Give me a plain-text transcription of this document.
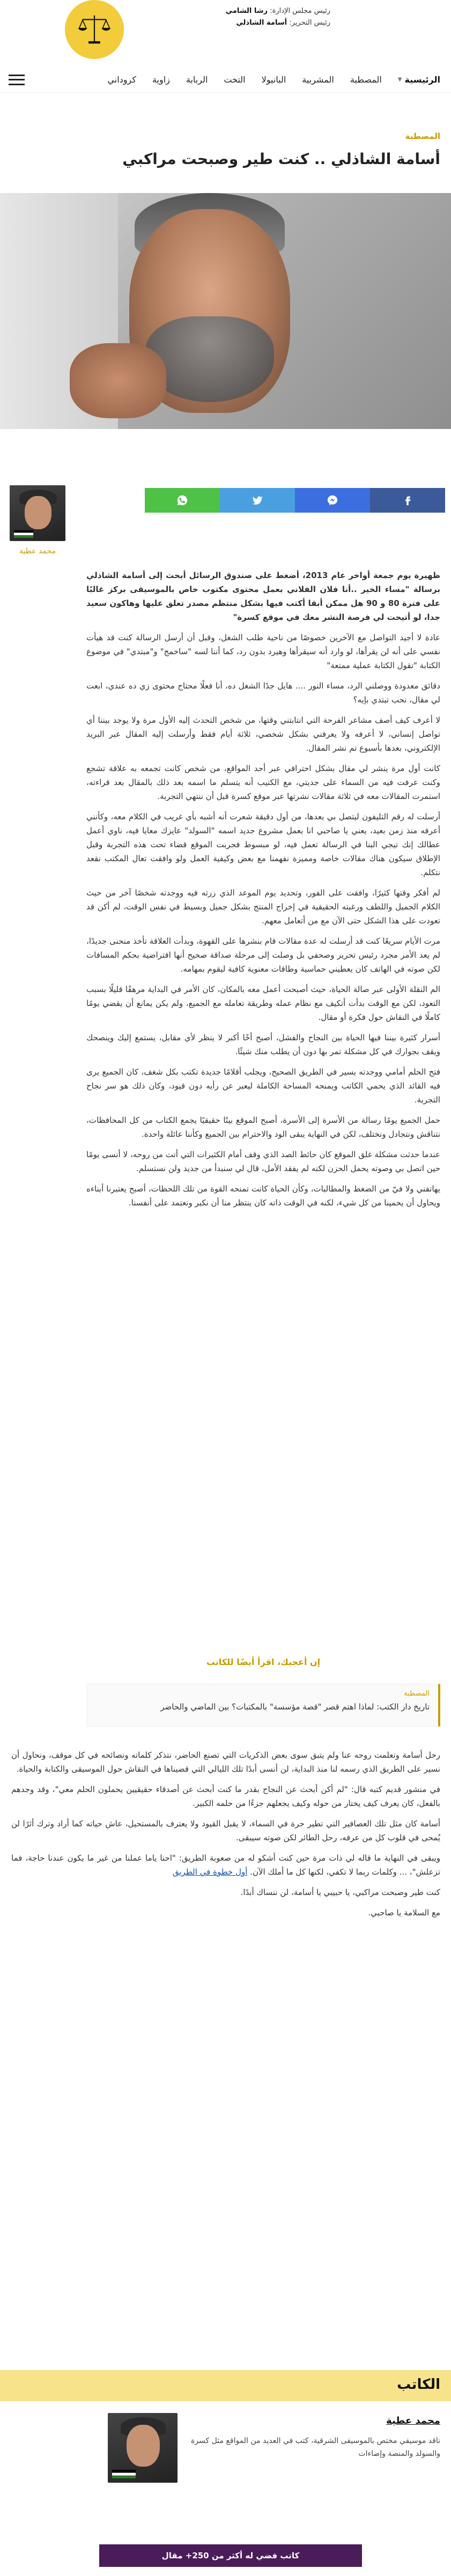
رئيس مجلس الإدارة: رشا الشامي
رئيس التحرير: أسامة الشاذلي
الرئيسية
▼
المصطبة
المشربية
البانيولا
التخت
الربابة
زاوية
كروداني
المصطبة
أسامة الشاذلي .. كنت طير وصبحت مراكبي
محمد عطية

ظهيرة يوم جمعة أواخر عام 2013، أضغط على صندوق الرسائل أبحث إلى أسامة الشاذلي برسالة "مساء الخير ..أنا فلان الفلاني بعمل محتوى مكتوب خاص بالموسيقى بركز غالبًا على فترة 80 و 90 هل ممكن أبقا أكتب فيها بشكل منتظم مصدر تعلق عليها وهاكون سعيد جدا، لو أتيحت لي فرصة النشر معك في موقع كسرة"

عادة لا أجيد التواصل مع الآخرين خصوصًا من ناحية طلب الشغل، وقبل أن أرسل الرسالة كنت قد هيأت نفسي على أنه لن يقرأها، لو وارد أنه سيقرأها وهيرد بدون رد، كما أننا لسه "ساخمج" و"مبتدي" في موضوع الكتابة "تقول الكتابة عملية ممتعة"

دقائق معدودة ووصلني الرد، مساء النور .... هايل جدًا الشغل ده، أنا فعلًا محتاج محتوى زي ده عندي، ابعت لي مقال، نحب تبتدي بإيه؟

لا أعرف كيف أصف مشاعر الفرحة التي انتابتني وقتها، من شخص التحدث إليه الأول مرة ولا يوجد بيننا أي تواصل إنساني، لا أعرفه ولا يعرفني بشكل شخصي، ثلاثة أيام فقط وأرسلت إليه المقال عبر البريد الإلكتروني، بعدها بأسبوع تم نشر المقال.

كانت أول مرة ينشر لي مقال بشكل احترافي عبر أحد المواقع، من شخص كانت تجمعه به علاقة تشجع وكنت عرفت فيه من السماء على جديتي، مع الكنيب أنه يتسلم ما اسمه بعد ذلك بالمقال بعد قراءته، استمرت المقالات معه في ثلاثة مقالات نشرتها عبر موقع كسرة قبل أن ننتهي التجربة.

أرسلت له رقم التليفون ليتصل بي بعدها، من أول دقيقة شعرت أنه أشبه بأي غريب في الكلام معه، وكأنني أعرفه منذ زمن بعيد، يعني يا صاحبي انا بعمل مشروع جديد اسمه "السولد" عايزك معايا فيه، ناوي أعمل عطالك إنك تيجي البنا في الرسالة تعمل فيه، لو مبسوط فجربت الموقع قضاء تحت هذه التجربة وقبل الإطلاق سيكون هناك مقالات خاصة ومميزة نفهمنا مع بعض وكيفية العمل ولو وافقت تعال المكتب نقعد نتكلم.

لم أفكر وقتها كثيرًا، وافقت على الفور، وتحديد يوم الموعد الذي زرته فيه ووجدته شخصًا آخر من حيث الكلام الجميل واللطف ورغبته الحقيقية في إخراج المنتج بشكل جميل وبسيط في نفس الوقت، لم أكن قد تعودت على هذا الشكل حتى الآن مع من أتعامل معهم.

مرت الأيام سريعًا كنت قد أرسلت له عدة مقالات قام بنشرها على القهوة، وبدأت العلاقة تأخذ منحنى جديدًا، لم يعد الأمر مجرد رئيس تحرير وصحفي بل وصلت إلى مرحلة صداقة صحيح أنها افتراضية بحكم المسافات لكن صوته في الهاتف كان يعطيني حماسية وطاقات معنوية كافية ليقوم بمهامه.

الم النقلة الأولى عبر صالة الحياة، حيث أصبحت أعمل معه بالمكان، كان الأمر في البداية مرهقًا قليلًا بسبب التعود، لكن مع الوقت بدأت أتكيف مع نظام عمله وطريقة تعامله مع الجميع، ولم يكن يمانع أن يقضي يومًا كاملًا في النقاش حول فكرة أو مقال.

أسرار كثيرة بيننا فيها الحياة بين النجاح والفشل، أصبح أخًا أكبر لا ينظر لأي مقابل، يستمع إليك وينصحك ويقف بجوارك في كل مشكلة تمر بها دون أن يطلب منك شيئًا.

فتح الحلم أمامي ووجدته يسير في الطريق الصحيح، ويجلب أقلامًا جديدة تكتب بكل شغف، كان الجميع يرى فيه القائد الذي يحمي الكاتب ويمنحه المساحة الكاملة ليعبر عن رأيه دون قيود، وكان ذلك هو سر نجاح التجربة.

حمل الجميع يومًا رسالة من الأسرة إلى الأسرة، أصبح الموقع بيتًا حقيقيًا يجمع الكتاب من كل المحافظات، نتناقش ونتجادل ونختلف، لكن في النهاية يبقى الود والاحترام بين الجميع وكأننا عائلة واحدة.

عندما حدثت مشكلة غلق الموقع كان حائط الصد الذي وقف أمام الكثيرات التي أتت من روحه، لا أنسى يومًا حين اتصل بي وصوته يحمل الحزن لكنه لم يفقد الأمل، قال لي سنبدأ من جديد ولن نستسلم.

يهاتفني ولا فيّ من الضغط والمطالبات، وكأن الحياة كانت تمنحه القوة من تلك اللحظات، أصبح يعتبرنا أبناءه ويحاول أن يحمينا من كل شيء، لكنه في الوقت ذاته كان ينتظر منا أن نكبر ونعتمد على أنفسنا.

إن أعجبك، اقرأ أيضًا للكاتب
المصطبة
تاريخ دار الكتب: لماذا اهتم قصر "قصة مؤسسة" بالمكتبات؟ بين الماضي والحاضر

رحل أسامة وتعلمت روحه عنا ولم يتبق سوى بعض الذكريات التي تصنع الحاضر، نتذكر كلماته ونصائحه في كل موقف، ونحاول أن نسير على الطريق الذي رسمه لنا منذ البداية، لن أنسى أبدًا تلك الليالي التي قضيناها في النقاش حول الموسيقى والكتابة والحياة.

في منشور قديم كتبه قال: "لم أكن أبحث عن النجاح بقدر ما كنت أبحث عن أصدقاء حقيقيين يحملون الحلم معي"، وقد وجدهم بالفعل، كان يعرف كيف يختار من حوله وكيف يجعلهم جزءًا من حلمه الكبير.

أسامة كان مثل تلك العصافير التي تطير حرة في السماء، لا يقبل القيود ولا يعترف بالمستحيل، عاش حياته كما أراد وترك أثرًا لن يُمحى في قلوب كل من عرفه، رحل الطائر لكن صوته سيبقى.

ويبقى في النهاية ما قاله لي ذات مرة حين كنت أشكو له من صعوبة الطريق: "احنا ياما عملنا من غير ما يكون عندنا حاجة، فما تزعلش"، ... وكلمات ربما لا تكفي، لكنها كل ما أملك الآن. أول خطوة في الطريق

كنت طير وصبحت مراكبي، يا حبيبي يا أسامة، لن ننساك أبدًا.

مع السلامة يا صاحبي.

الكاتب
محمد عطية
ناقد موسيقي مختص بالموسيقى الشرقية، كتب في العديد من المواقع مثل كسرة والسولد والمنصة وإضاءات
كاتب فضي له أكثر من 250+ مقال
